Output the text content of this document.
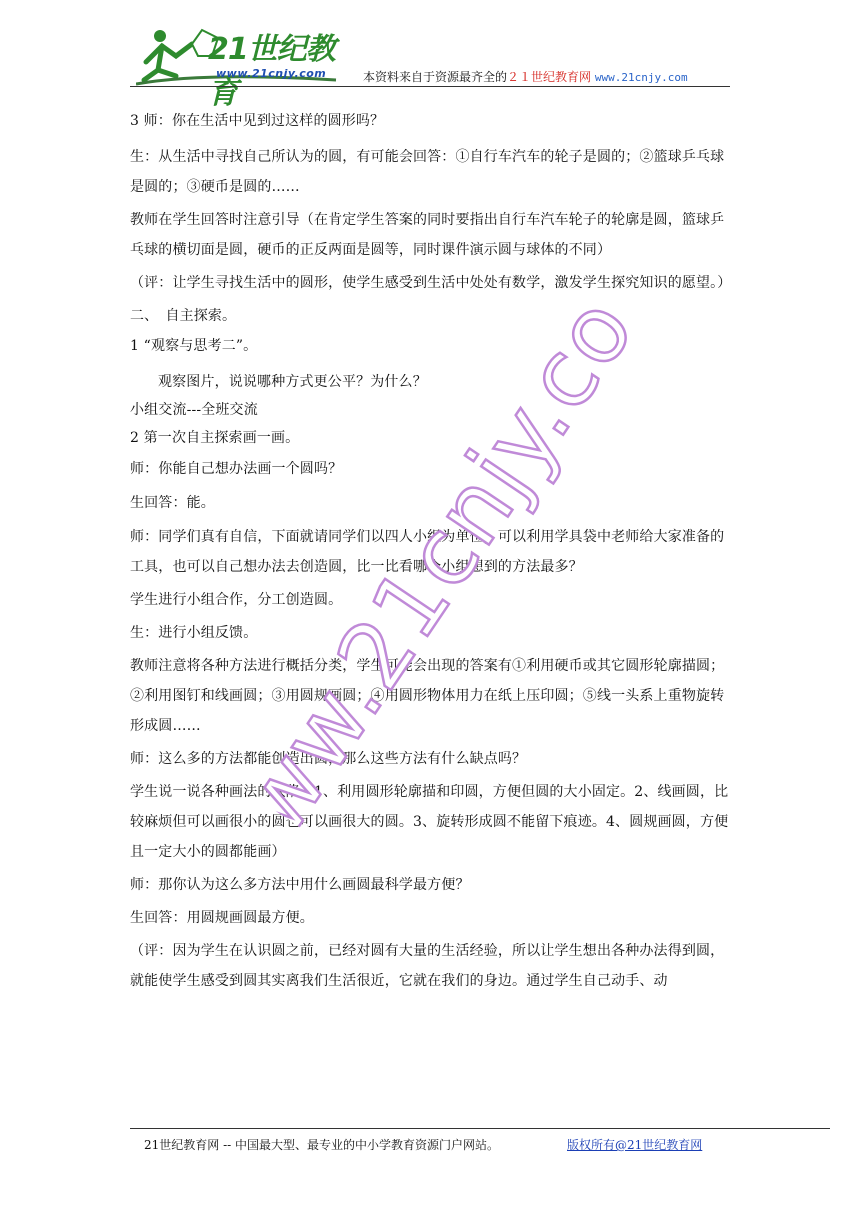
21世纪教育
www.21cnjy.com	本资料来自于资源最齐全的２１世纪教育网 www.21cnjy.com

3 师：你在生活中见到过这样的圆形吗？

生：从生活中寻找自己所认为的圆，有可能会回答：①自行车汽车的轮子是圆的；②篮球乒乓球是圆的；③硬币是圆的……

教师在学生回答时注意引导（在肯定学生答案的同时要指出自行车汽车轮子的轮廓是圆，篮球乒乓球的横切面是圆，硬币的正反两面是圆等，同时课件演示圆与球体的不同）

（评：让学生寻找生活中的圆形，使学生感受到生活中处处有数学，激发学生探究知识的愿望。）

二、　自主探索。

1 “观察与思考二”。

观察图片，说说哪种方式更公平？为什么？

小组交流---全班交流

2 第一次自主探索画一画。

师：你能自己想办法画一个圆吗？

生回答：能。

师：同学们真有自信，下面就请同学们以四人小组为单位，可以利用学具袋中老师给大家准备的工具，也可以自己想办法去创造圆，比一比看哪个小组想到的方法最多？

学生进行小组合作，分工创造圆。

生：进行小组反馈。

教师注意将各种方法进行概括分类，学生可能会出现的答案有①利用硬币或其它圆形轮廓描圆；②利用图钉和线画圆；③用圆规画圆；④用圆形物体用力在纸上压印圆；⑤线一头系上重物旋转形成圆……

师：这么多的方法都能创造出圆，那么这些方法有什么缺点吗？

学生说一说各种画法的缺陷。1、利用圆形轮廓描和印圆，方便但圆的大小固定。2、线画圆，比较麻烦但可以画很小的圆也可以画很大的圆。3、旋转形成圆不能留下痕迹。4、圆规画圆，方便且一定大小的圆都能画）

师：那你认为这么多方法中用什么画圆最科学最方便？

生回答：用圆规画圆最方便。

（评：因为学生在认识圆之前，已经对圆有大量的生活经验，所以让学生想出各种办法得到圆，就能使学生感受到圆其实离我们生活很近，它就在我们的身边。通过学生自己动手、动

www.21cnjy.com
21世纪教育网 -- 中国最大型、最专业的中小学教育资源门户网站。	版权所有@21世纪教育网
